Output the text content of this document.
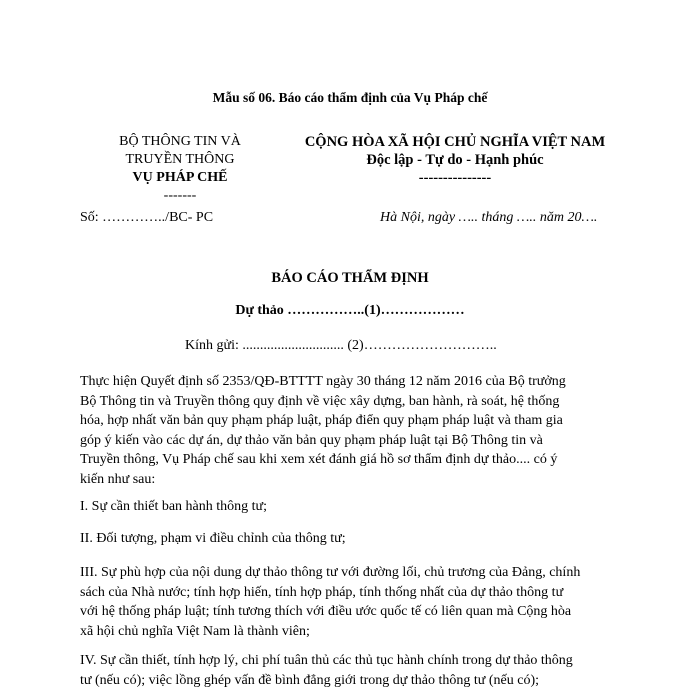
Mẫu số 06. Báo cáo thẩm định của Vụ Pháp chế
BỘ THÔNG TIN VÀ
TRUYỀN THÔNG
VỤ PHÁP CHẾ
-------
CỘNG HÒA XÃ HỘI CHỦ NGHĨA VIỆT NAM
Độc lập - Tự do - Hạnh phúc
---------------
Số: …………../BC- PC	Hà Nội, ngày ….. tháng ….. năm 20….
BÁO CÁO THẨM ĐỊNH
Dự thảo ……………..(1)………………
Kính gửi: ............................. (2)………………………..
Thực hiện Quyết định số 2353/QĐ-BTTTT ngày 30 tháng 12 năm 2016 của Bộ trưởng
Bộ Thông tin và Truyền thông quy định về việc xây dựng, ban hành, rà soát, hệ thống
hóa, hợp nhất văn bản quy phạm pháp luật, pháp điển quy phạm pháp luật và tham gia
góp ý kiến vào các dự án, dự thảo văn bản quy phạm pháp luật tại Bộ Thông tin và
Truyền thông, Vụ Pháp chế sau khi xem xét đánh giá hồ sơ thẩm định dự thảo.... có ý
kiến như sau:
I. Sự cần thiết ban hành thông tư;
II. Đối tượng, phạm vi điều chỉnh của thông tư;
III. Sự phù hợp của nội dung dự thảo thông tư với đường lối, chủ trương của Đảng, chính
sách của Nhà nước; tính hợp hiến, tính hợp pháp, tính thống nhất của dự thảo thông tư
với hệ thống pháp luật; tính tương thích với điều ước quốc tế có liên quan mà Cộng hòa
xã hội chủ nghĩa Việt Nam là thành viên;
IV. Sự cần thiết, tính hợp lý, chi phí tuân thủ các thủ tục hành chính trong dự thảo thông
tư (nếu có); việc lồng ghép vấn đề bình đẳng giới trong dự thảo thông tư (nếu có);
